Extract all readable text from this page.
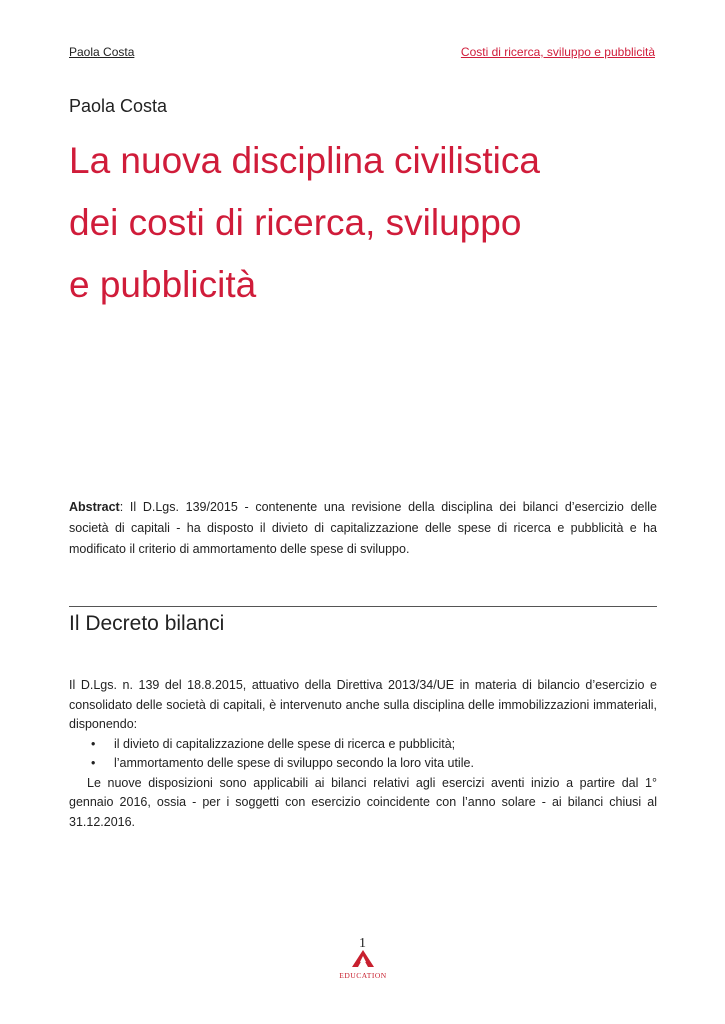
Paola Costa	Costi di ricerca, sviluppo e pubblicità
Paola Costa
La nuova disciplina civilistica
dei costi di ricerca, sviluppo
e pubblicità
Abstract: Il D.Lgs. 139/2015 - contenente una revisione della disciplina dei bilanci d’esercizio delle società di capitali - ha disposto il divieto di capitalizzazione delle spese di ricerca e pubblicità e ha modificato il criterio di ammortamento delle spese di sviluppo.
Il Decreto bilanci

Il D.Lgs. n. 139 del 18.8.2015, attuativo della Direttiva 2013/34/UE in materia di bilancio d’esercizio e consolidato delle società di capitali, è intervenuto anche sulla disciplina delle immobilizzazioni immateriali, disponendo:

• il divieto di capitalizzazione delle spese di ricerca e pubblicità;
• l’ammortamento delle spese di sviluppo secondo la loro vita utile.

Le nuove disposizioni sono applicabili ai bilanci relativi agli esercizi aventi inizio a partire dal 1° gennaio 2016, ossia - per i soggetti con esercizio coincidente con l’anno solare - ai bilanci chiusi al 31.12.2016.

1
EDUCATION
